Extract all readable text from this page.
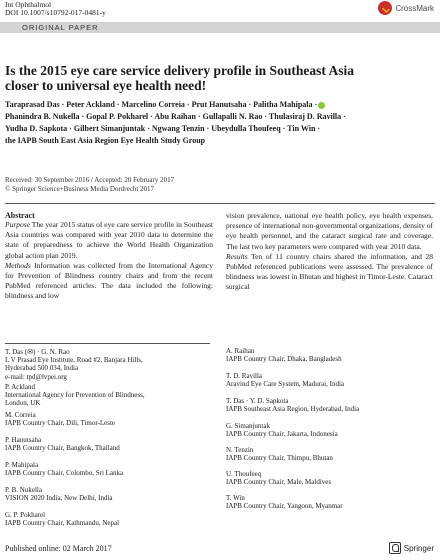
Int Ophthalmol
DOI 10.1007/s10792-017-0481-y	CrossMark
ORIGINAL PAPER
Is the 2015 eye care service delivery profile in Southeast Asia
closer to universal eye health need!
Taraprasad Das · Peter Ackland · Marcelino Correia · Prut Hanutsaha · Palitha Mahipala ·
Phanindra B. Nukella · Gopal P. Pokharel · Abu Raihan · Gullapalli N. Rao · Thulasiraj D. Ravilla ·
Yudha D. Sapkota · Gilbert Simanjuntak · Ngwang Tenzin · Ubeydulla Thoufeeq · Tin Win ·
the IAPB South East Asia Region Eye Health Study Group
Received: 30 September 2016 / Accepted: 20 February 2017
© Springer Science+Business Media Dordrecht 2017
Abstract

Purpose The year 2015 status of eye care service profile in Southeast Asia countries was compared with year 2010 data to determine the state of preparedness to achieve the World Health Organization global action plan 2019.

Methods Information was collected from the International Agency for Prevention of Blindness country chairs and from the recent PubMed referenced articles. The data included the following: blindness and low

vision prevalence, national eye health policy, eye health expenses, presence of international non-governmental organizations, density of eye health personnel, and the cataract surgical rate and coverage. The last two key parameters were compared with year 2010 data.

Results Ten of 11 country chairs shared the information, and 28 PubMed referenced publications were assessed. The prevalence of blindness was lowest in Bhutan and highest in Timor-Leste. Cataract surgical

T. Das (✉) · G. N. Rao
L V Prasad Eye Institute, Road #2, Banjara Hills,
Hyderabad 500 034, India
e-mail: tpd@lvpei.org
P. Ackland
International Agency for Prevention of Blindness,
London, UK
M. Correia
IAPB Country Chair, Dili, Timor-Leste
P. Hanutsaha
IAPB Country Chair, Bangkok, Thailand
P. Mahipala
IAPB Country Chair, Colombo, Sri Lanka
P. B. Nukella
VISION 2020 India, New Delhi, India
G. P. Pokharel
IAPB Country Chair, Kathmandu, Nepal
A. Raihan
IAPB Country Chair, Dhaka, Bangladesh
T. D. Ravilla
Aravind Eye Care System, Madurai, India
T. Das · Y. D. Sapkota
IAPB Southeast Asia Region, Hyderabad, India
G. Simanjuntak
IAPB Country Chair, Jakarta, Indonesia
N. Tenzin
IAPB Country Chair, Thimpu, Bhutan
U. Thoufeeq
IAPB Country Chair, Male, Maldives
T. Win
IAPB Country Chair, Yangoon, Myanmar
Published online: 02 March 2017	Springer
